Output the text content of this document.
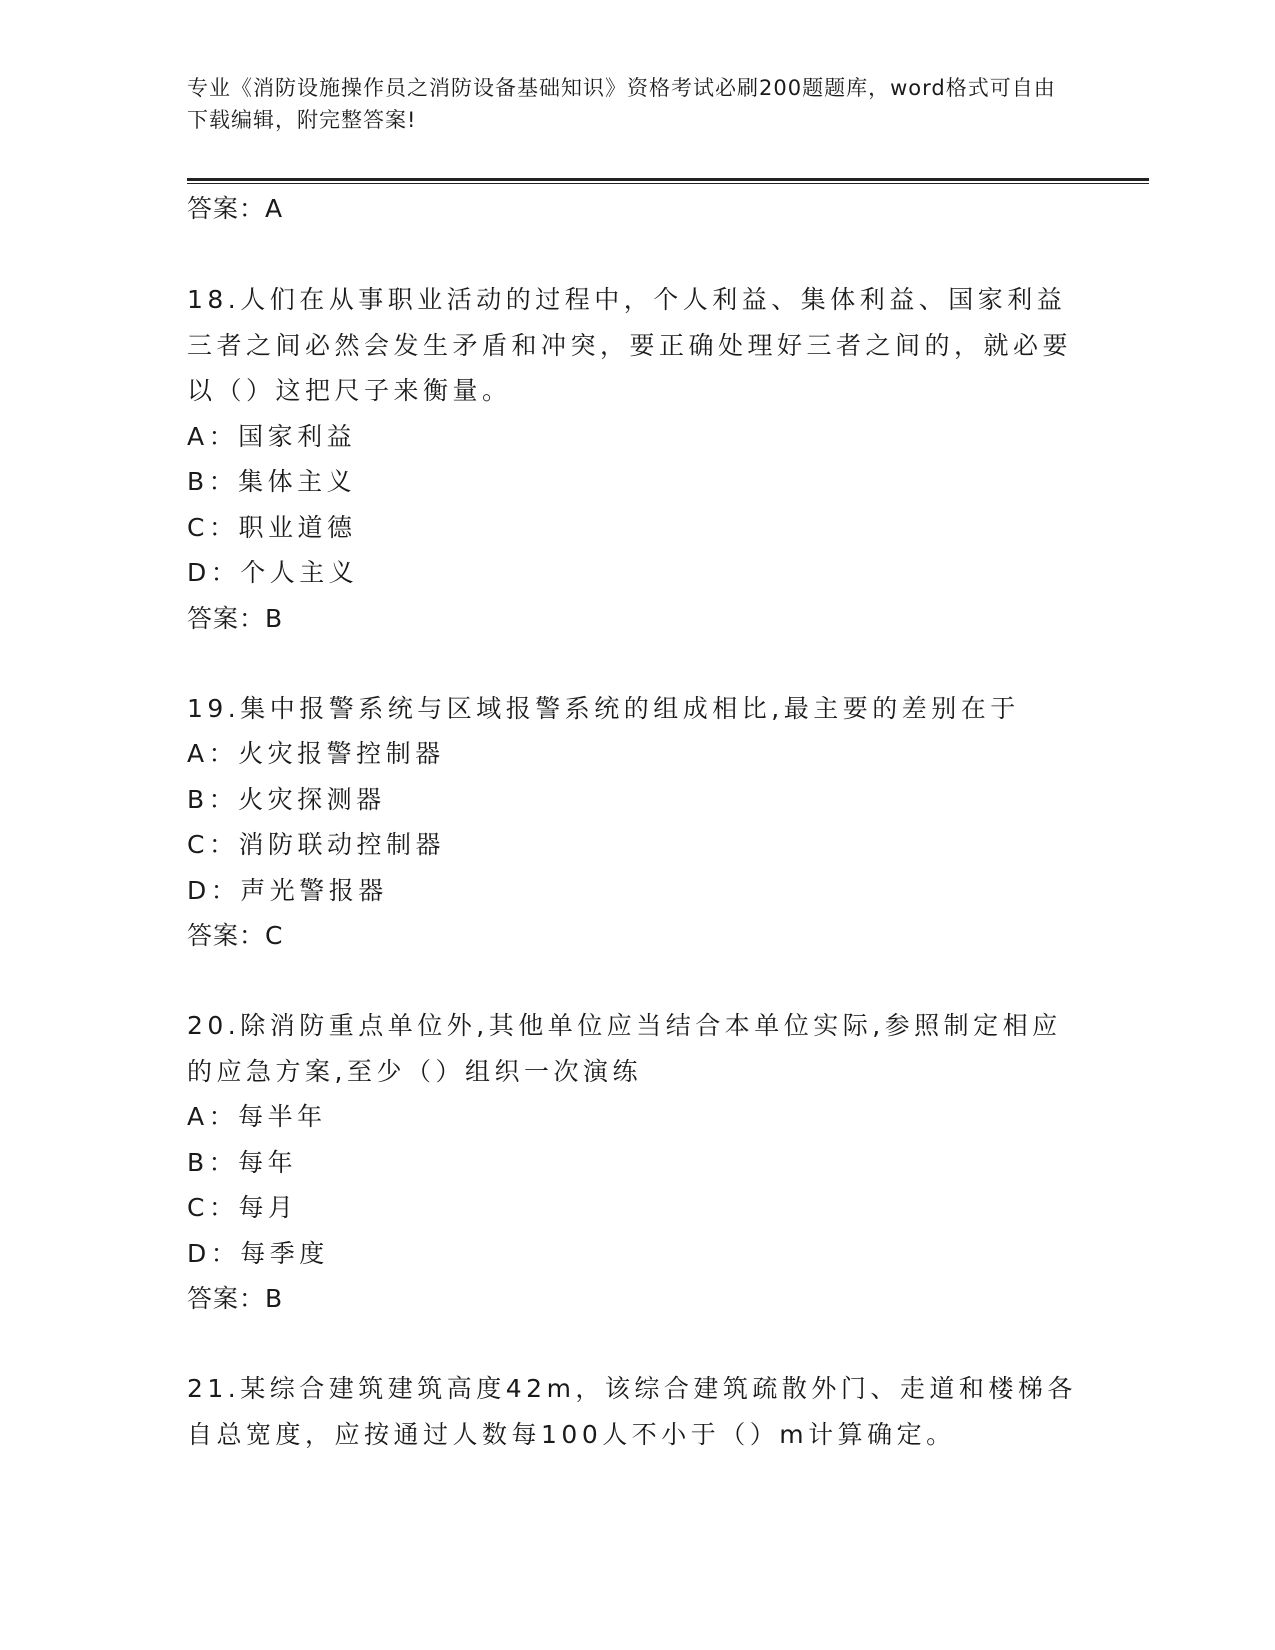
专业《消防设施操作员之消防设备基础知识》资格考试必刷200题题库，word格式可自由下载编辑，附完整答案!
答案：A
18.人们在从事职业活动的过程中，个人利益、集体利益、国家利益三者之间必然会发生矛盾和冲突，要正确处理好三者之间的，就必要以（）这把尺子来衡量。
A：国家利益
B：集体主义
C：职业道德
D：个人主义
答案：B
19.集中报警系统与区域报警系统的组成相比,最主要的差别在于
A：火灾报警控制器
B：火灾探测器
C：消防联动控制器
D：声光警报器
答案：C
20.除消防重点单位外,其他单位应当结合本单位实际,参照制定相应的应急方案,至少（）组织一次演练
A：每半年
B：每年
C：每月
D：每季度
答案：B
21.某综合建筑建筑高度42m，该综合建筑疏散外门、走道和楼梯各自总宽度，应按通过人数每100人不小于（）m计算确定。
